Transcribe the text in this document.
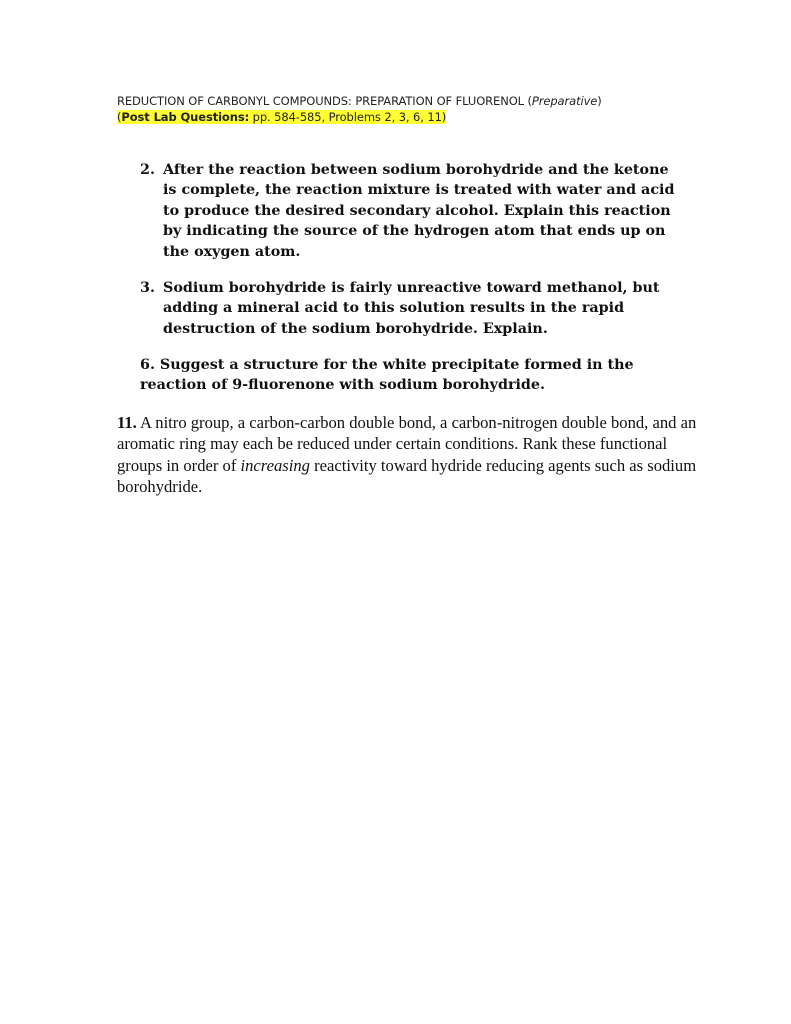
REDUCTION OF CARBONYL COMPOUNDS: PREPARATION OF FLUORENOL (Preparative)
(Post Lab Questions: pp. 584-585, Problems 2, 3, 6, 11)
2. After the reaction between sodium borohydride and the ketone is complete, the reaction mixture is treated with water and acid to produce the desired secondary alcohol. Explain this reaction by indicating the source of the hydrogen atom that ends up on the oxygen atom.
3. Sodium borohydride is fairly unreactive toward methanol, but adding a mineral acid to this solution results in the rapid destruction of the sodium borohydride. Explain.
6. Suggest a structure for the white precipitate formed in the reaction of 9-fluorenone with sodium borohydride.
11. A nitro group, a carbon-carbon double bond, a carbon-nitrogen double bond, and an aromatic ring may each be reduced under certain conditions. Rank these functional groups in order of increasing reactivity toward hydride reducing agents such as sodium borohydride.
